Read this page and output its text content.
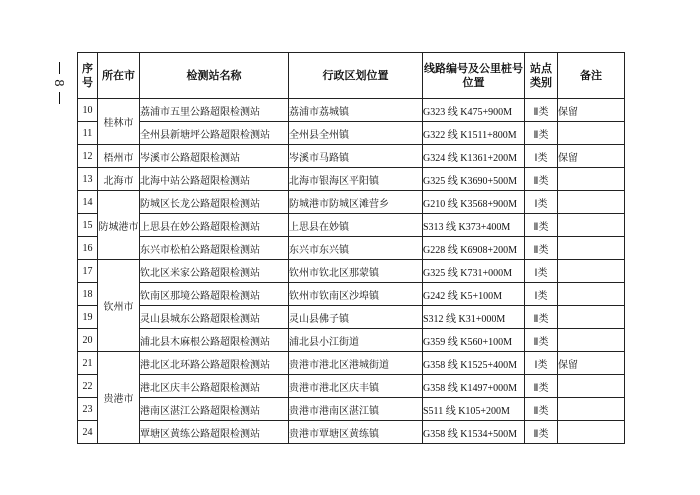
8
序号	所在市	检测站名称	行政区划位置	线路编号及公里桩号位置	站点类别	备注
10	桂林市	荔浦市五里公路超限检测站	荔浦市荔城镇	G323 线 K475+900M	Ⅱ类	保留
11		全州县新塘坪公路超限检测站	全州县全州镇	G322 线 K1511+800M	Ⅱ类	
12	梧州市	岑溪市公路超限检测站	岑溪市马路镇	G324 线 K1361+200M	Ⅰ类	保留
13	北海市	北海中站公路超限检测站	北海市银海区平阳镇	G325 线 K3690+500M	Ⅱ类	
14	防城港市	防城区长龙公路超限检测站	防城港市防城区滩营乡	G210 线 K3568+900M	Ⅰ类	
15		上思县在妙公路超限检测站	上思县在妙镇	S313 线 K373+400M	Ⅱ类	
16		东兴市松柏公路超限检测站	东兴市东兴镇	G228 线 K6908+200M	Ⅱ类	
17	钦州市	钦北区米家公路超限检测站	钦州市钦北区那蒙镇	G325 线 K731+000M	Ⅰ类	
18		钦南区那境公路超限检测站	钦州市钦南区沙埠镇	G242 线 K5+100M	Ⅰ类	
19		灵山县城东公路超限检测站	灵山县佛子镇	S312 线 K31+000M	Ⅱ类	
20		浦北县木麻根公路超限检测站	浦北县小江街道	G359 线 K560+100M	Ⅱ类	
21	贵港市	港北区北环路公路超限检测站	贵港市港北区港城街道	G358 线 K1525+400M	Ⅰ类	保留
22		港北区庆丰公路超限检测站	贵港市港北区庆丰镇	G358 线 K1497+000M	Ⅱ类	
23		港南区湛江公路超限检测站	贵港市港南区湛江镇	S511 线 K105+200M	Ⅱ类	
24		覃塘区黄练公路超限检测站	贵港市覃塘区黄练镇	G358 线 K1534+500M	Ⅱ类	
